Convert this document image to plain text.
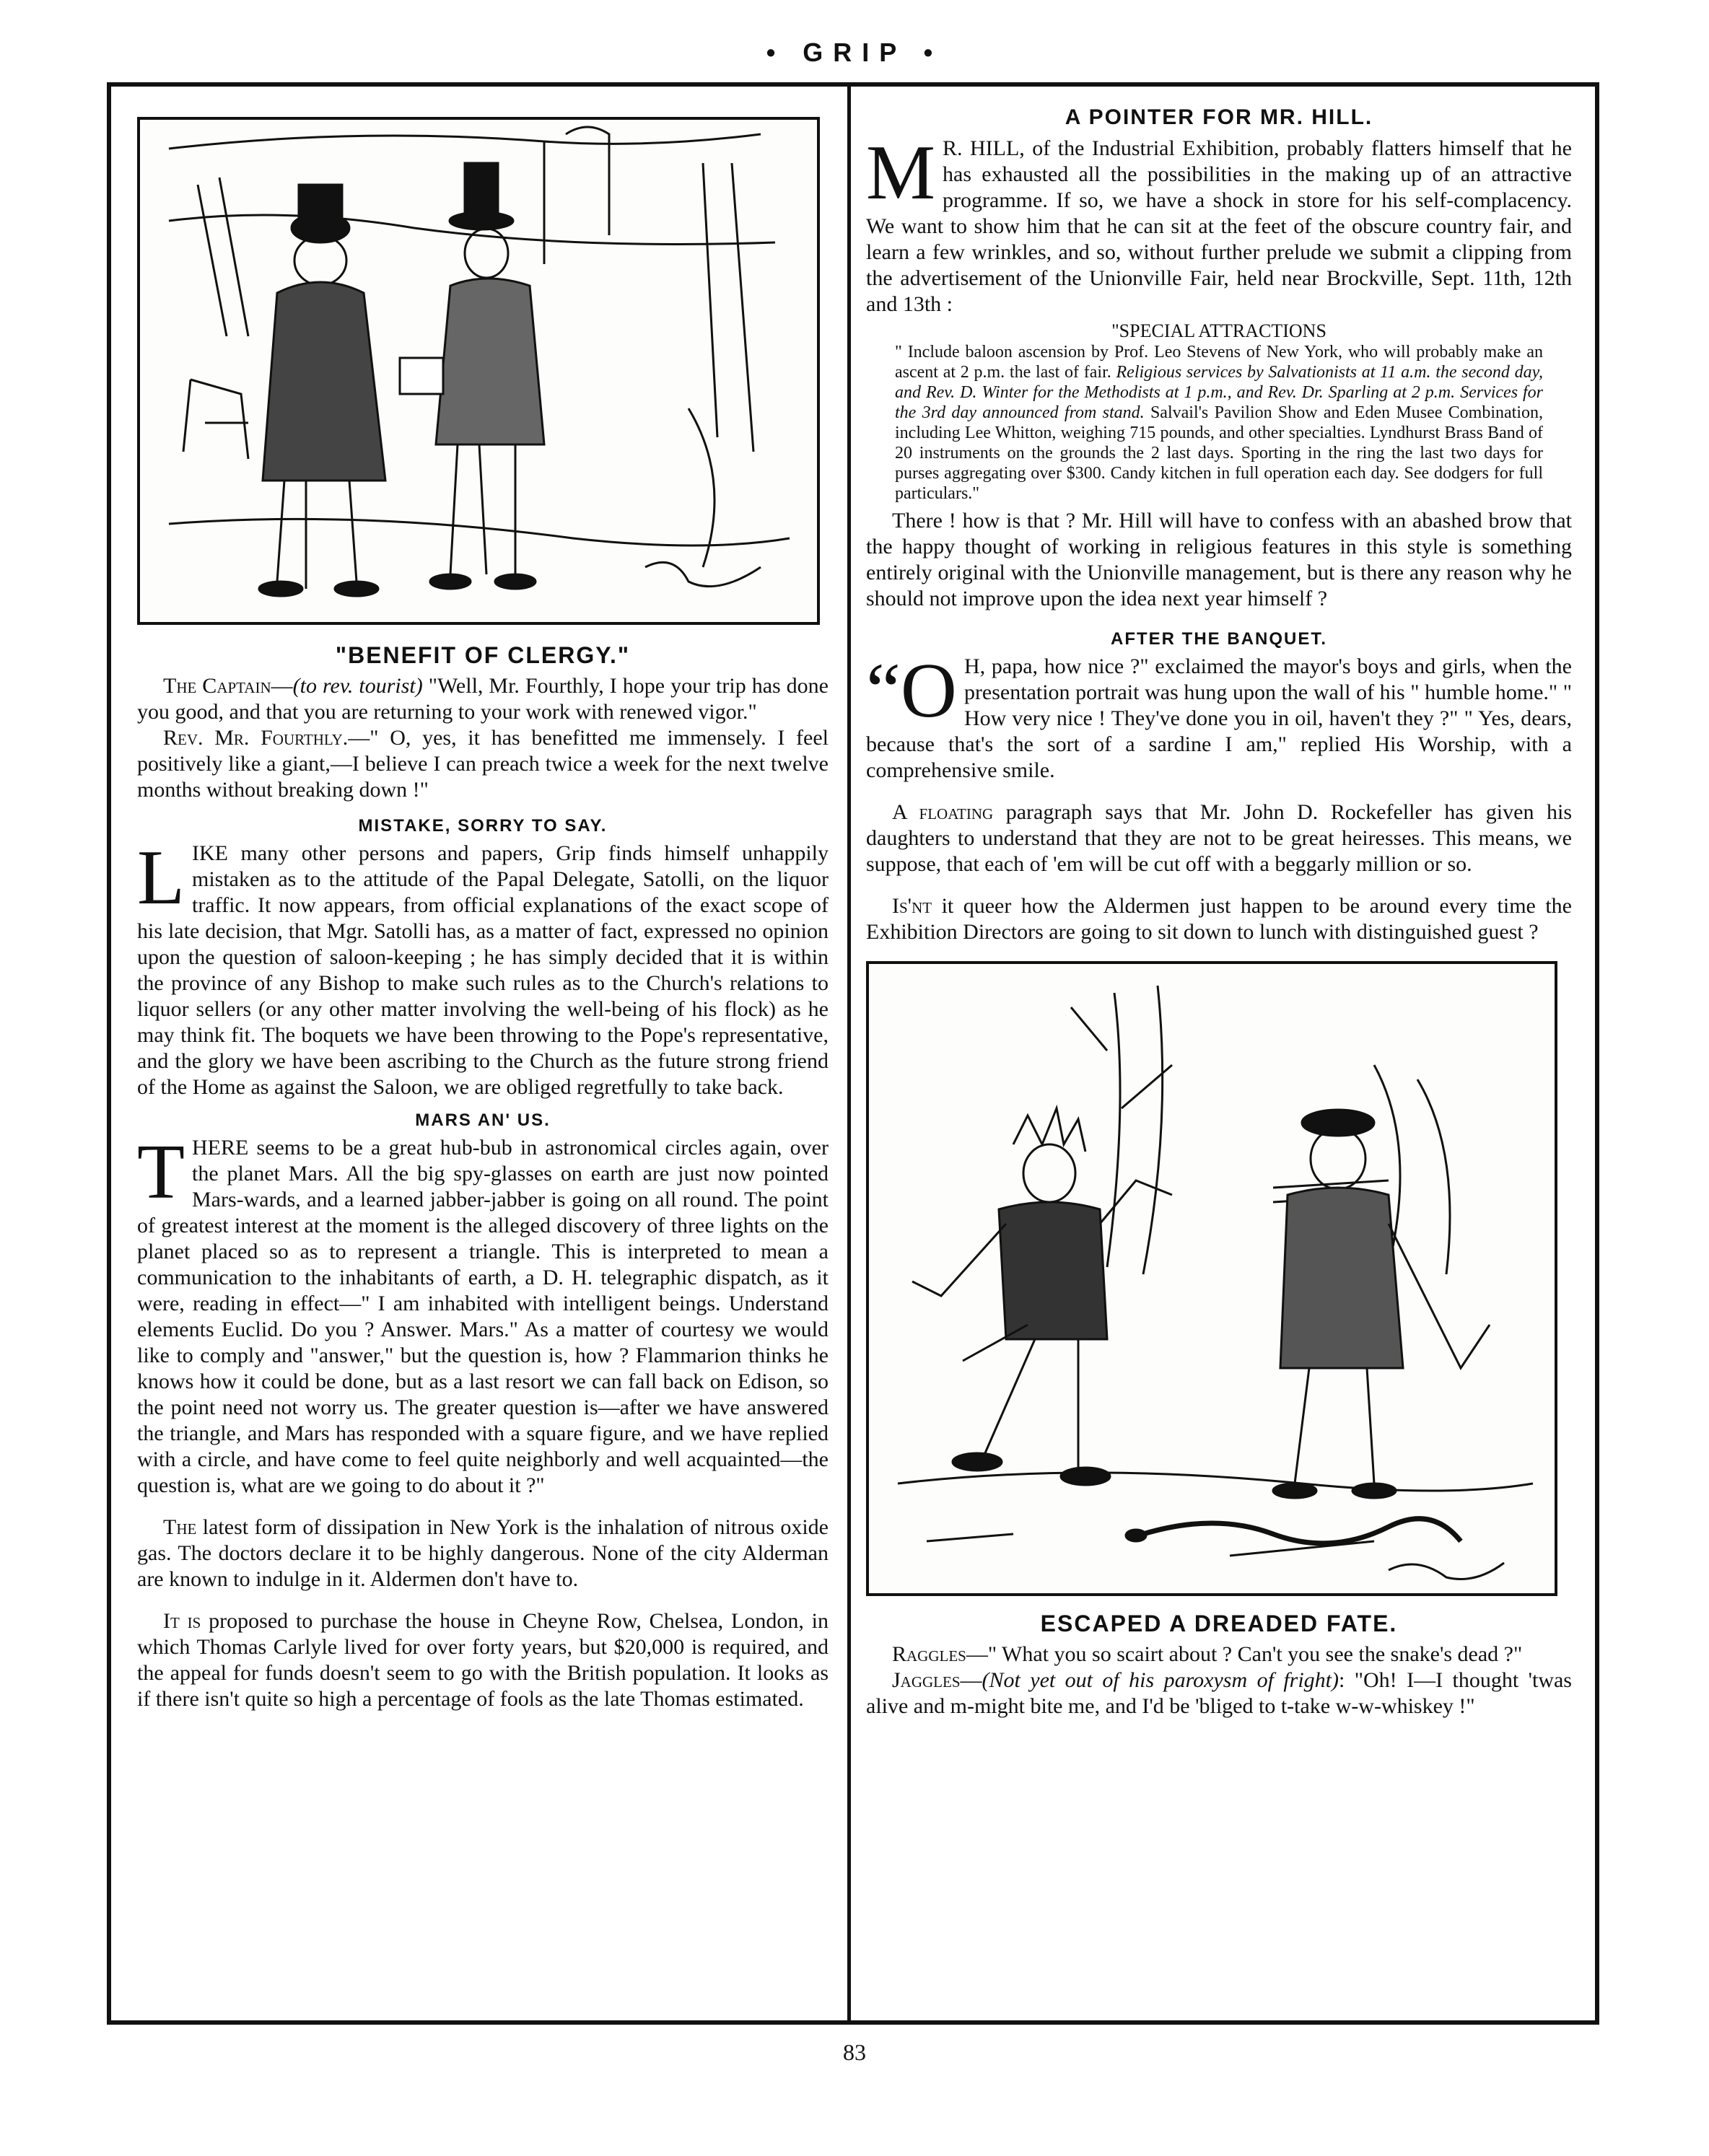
• GRIP •
"BENEFIT OF CLERGY."

The Captain—(to rev. tourist) "Well, Mr. Fourthly, I hope your trip has done you good, and that you are returning to your work with renewed vigor."

Rev. Mr. Fourthly.—" O, yes, it has benefitted me immensely. I feel positively like a giant,—I believe I can preach twice a week for the next twelve months without breaking down !"

MISTAKE, SORRY TO SAY.

LIKE many other persons and papers, Grip finds himself unhappily mistaken as to the attitude of the Papal Delegate, Satolli, on the liquor traffic. It now appears, from official explanations of the exact scope of his late decision, that Mgr. Satolli has, as a matter of fact, expressed no opinion upon the question of saloon-keeping ; he has simply decided that it is within the province of any Bishop to make such rules as to the Church's relations to liquor sellers (or any other matter involving the well-being of his flock) as he may think fit. The boquets we have been throwing to the Pope's representative, and the glory we have been ascribing to the Church as the future strong friend of the Home as against the Saloon, we are obliged regretfully to take back.

MARS AN' US.

THERE seems to be a great hub-bub in astronomical circles again, over the planet Mars. All the big spy-glasses on earth are just now pointed Mars-wards, and a learned jabber-jabber is going on all round. The point of greatest interest at the moment is the alleged discovery of three lights on the planet placed so as to represent a triangle. This is interpreted to mean a communication to the inhabitants of earth, a D. H. telegraphic dispatch, as it were, reading in effect—" I am inhabited with intelligent beings. Understand elements Euclid. Do you ? Answer. Mars." As a matter of courtesy we would like to comply and "answer," but the question is, how ? Flammarion thinks he knows how it could be done, but as a last resort we can fall back on Edison, so the point need not worry us. The greater question is—after we have answered the triangle, and Mars has responded with a square figure, and we have replied with a circle, and have come to feel quite neighborly and well acquainted—the question is, what are we going to do about it ?"

The latest form of dissipation in New York is the inhalation of nitrous oxide gas. The doctors declare it to be highly dangerous. None of the city Alderman are known to indulge in it. Aldermen don't have to.

It is proposed to purchase the house in Cheyne Row, Chelsea, London, in which Thomas Carlyle lived for over forty years, but $20,000 is required, and the appeal for funds doesn't seem to go with the British population. It looks as if there isn't quite so high a percentage of fools as the late Thomas estimated.

A POINTER FOR MR. HILL.

M R. HILL, of the Industrial Exhibition, probably flatters himself that he has exhausted all the possibilities in the making up of an attractive programme. If so, we have a shock in store for his self-complacency. We want to show him that he can sit at the feet of the obscure country fair, and learn a few wrinkles, and so, without further prelude we submit a clipping from the advertisement of the Unionville Fair, held near Brockville, Sept. 11th, 12th and 13th :

"SPECIAL ATTRACTIONS

" Include baloon ascension by Prof. Leo Stevens of New York, who will probably make an ascent at 2 p.m. the last of fair. Religious services by Salvationists at 11 a.m. the second day, and Rev. D. Winter for the Methodists at 1 p.m., and Rev. Dr. Sparling at 2 p.m. Services for the 3rd day announced from stand. Salvail's Pavilion Show and Eden Musee Combination, including Lee Whitton, weighing 715 pounds, and other specialties. Lyndhurst Brass Band of 20 instruments on the grounds the 2 last days. Sporting in the ring the last two days for purses aggregating over $300. Candy kitchen in full operation each day. See dodgers for full particulars."

There ! how is that ? Mr. Hill will have to confess with an abashed brow that the happy thought of working in religious features in this style is something entirely original with the Unionville management, but is there any reason why he should not improve upon the idea next year himself ?

AFTER THE BANQUET.

“O H, papa, how nice ?" exclaimed the mayor's boys and girls, when the presentation portrait was hung upon the wall of his " humble home." " How very nice ! They've done you in oil, haven't they ?" " Yes, dears, because that's the sort of a sardine I am," replied His Worship, with a comprehensive smile.

A floating paragraph says that Mr. John D. Rockefeller has given his daughters to understand that they are not to be great heiresses. This means, we suppose, that each of 'em will be cut off with a beggarly million or so.

Is'nt it queer how the Aldermen just happen to be around every time the Exhibition Directors are going to sit down to lunch with distinguished guest ?

ESCAPED A DREADED FATE.

Raggles—" What you so scairt about ? Can't you see the snake's dead ?"

Jaggles—(Not yet out of his paroxysm of fright): "Oh! I—I thought 'twas alive and m-might bite me, and I'd be 'bliged to t-take w-w-whiskey !"

83
